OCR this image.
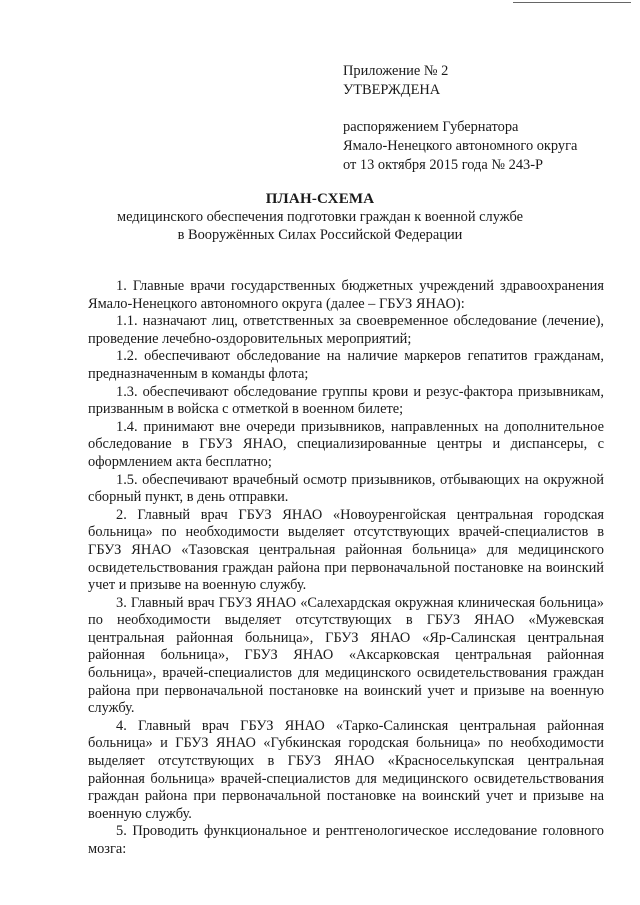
Приложение № 2
УТВЕРЖДЕНА
распоряжением Губернатора
Ямало-Ненецкого автономного округа
от 13 октября 2015 года № 243-Р
ПЛАН-СХЕМА
медицинского обеспечения подготовки граждан к военной службе
в Вооружённых Силах Российской Федерации

1. Главные врачи государственных бюджетных учреждений здравоохранения Ямало-Ненецкого автономного округа (далее – ГБУЗ ЯНАО):

1.1. назначают лиц, ответственных за своевременное обследование (лечение), проведение лечебно-оздоровительных мероприятий;

1.2. обеспечивают обследование на наличие маркеров гепатитов гражданам, предназначенным в команды флота;

1.3. обеспечивают обследование группы крови и резус-фактора призывникам, призванным в войска с отметкой в военном билете;

1.4. принимают вне очереди призывников, направленных на дополнительное обследование в ГБУЗ ЯНАО, специализированные центры и диспансеры, с оформлением акта бесплатно;

1.5. обеспечивают врачебный осмотр призывников, отбывающих на окружной сборный пункт, в день отправки.

2. Главный врач ГБУЗ ЯНАО «Новоуренгойская центральная городская больница» по необходимости выделяет отсутствующих врачей-специалистов в ГБУЗ ЯНАО «Тазовская центральная районная больница» для медицинского освидетельствования граждан района при первоначальной постановке на воинский учет и призыве на военную службу.

3. Главный врач ГБУЗ ЯНАО «Салехардская окружная клиническая больница» по необходимости выделяет отсутствующих в ГБУЗ ЯНАО «Мужевская центральная районная больница», ГБУЗ ЯНАО «Яр-Салинская центральная районная больница», ГБУЗ ЯНАО «Аксарковская центральная районная больница», врачей-специалистов для медицинского освидетельствования граждан района при первоначальной постановке на воинский учет и призыве на военную службу.

4. Главный врач ГБУЗ ЯНАО «Тарко-Салинская центральная районная больница» и ГБУЗ ЯНАО «Губкинская городская больница» по необходимости выделяет отсутствующих в ГБУЗ ЯНАО «Красноселькупская центральная районная больница» врачей-специалистов для медицинского освидетельствования граждан района при первоначальной постановке на воинский учет и призыве на военную службу.

5. Проводить функциональное и рентгенологическое исследование головного мозга:
